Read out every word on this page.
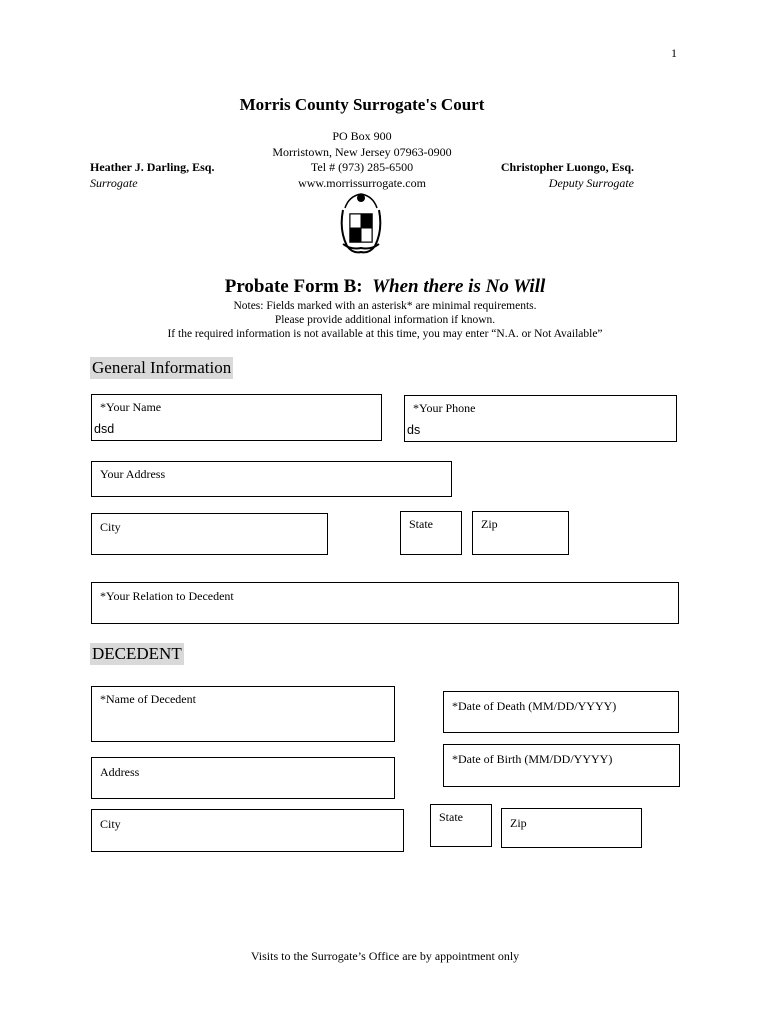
1
Morris County Surrogate's Court
PO Box 900
Morristown, New Jersey 07963-0900
Tel # (973) 285-6500
www.morrissurrogate.com
Heather J. Darling, Esq.
Surrogate
Christopher Luongo, Esq.
Deputy Surrogate
Probate Form B: When there is No Will
Notes: Fields marked with an asterisk* are minimal requirements.
Please provide additional information if known.
If the required information is not available at this time, you may enter “N.A. or Not Available”
General Information
*Your Name
dsd
*Your Phone
ds
Your Address
City	State	Zip
*Your Relation to Decedent
DECEDENT
*Name of Decedent	*Date of Death (MM/DD/YYYY)
*Date of Birth (MM/DD/YYYY)
Address
City	State	Zip
Visits to the Surrogate’s Office are by appointment only
